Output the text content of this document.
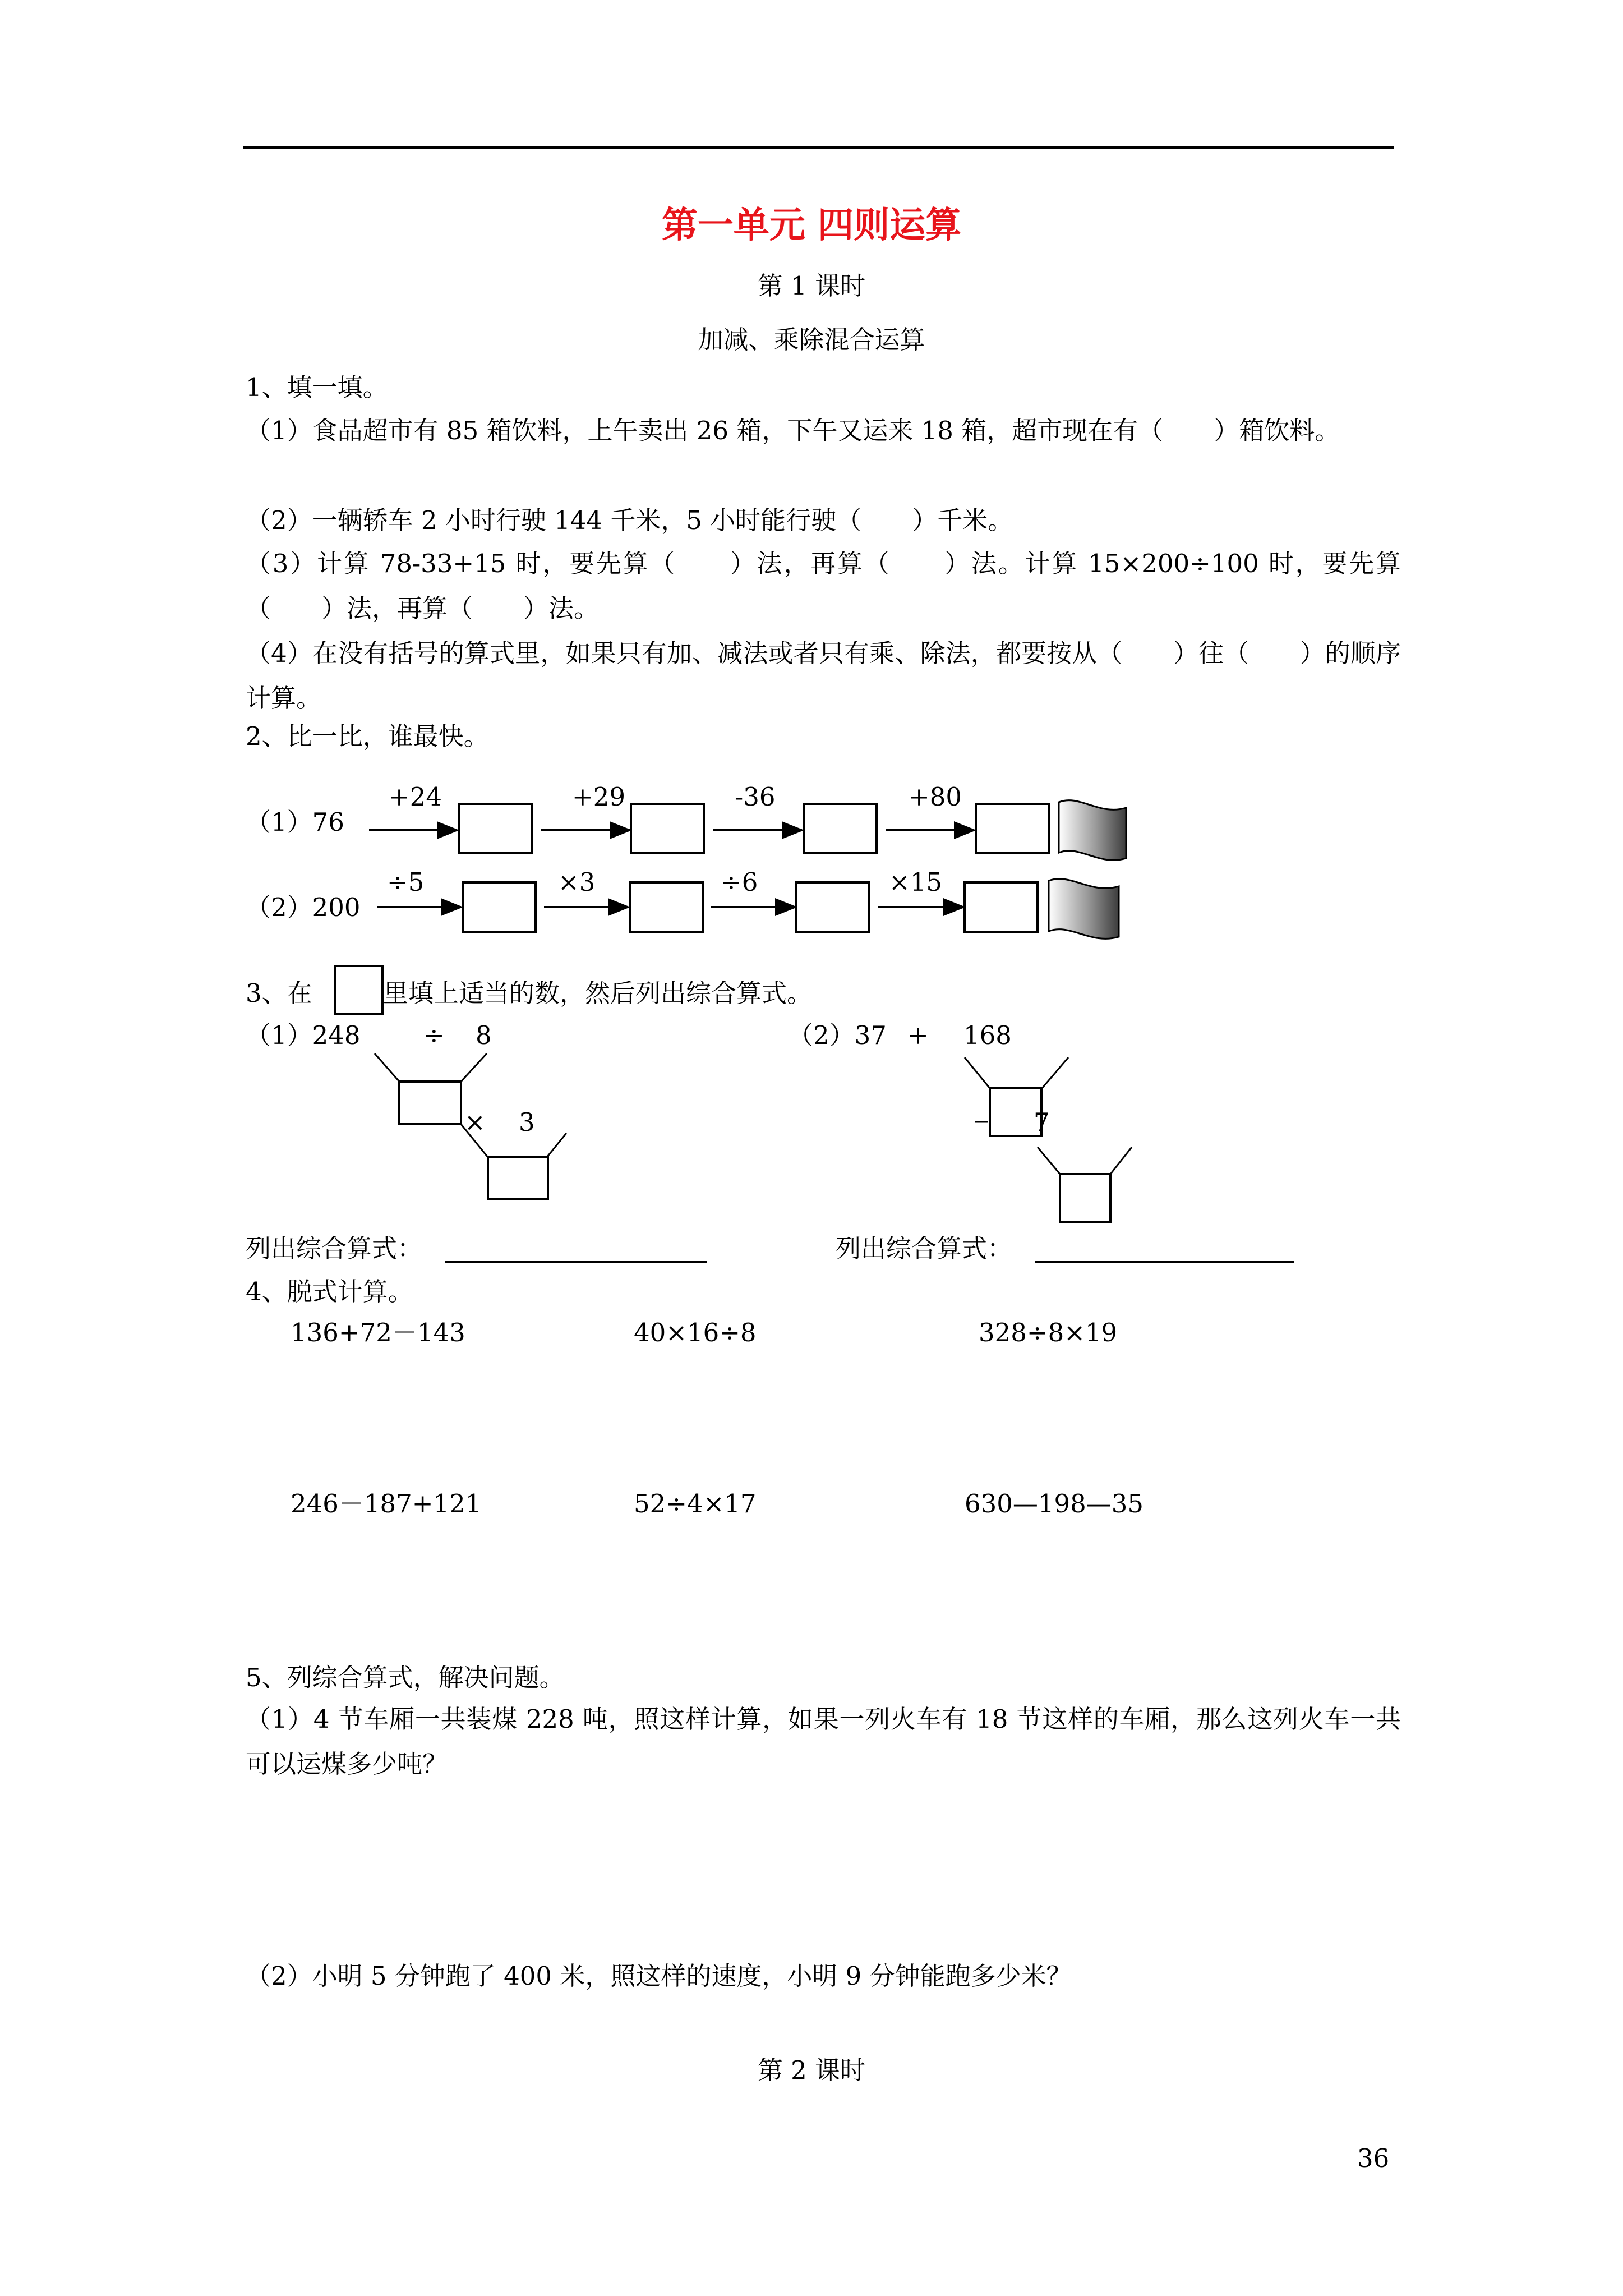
第一单元 四则运算
第 1 课时
加减、乘除混合运算
1、填一填。
（1）食品超市有 85 箱饮料，上午卖出 26 箱，下午又运来 18 箱，超市现在有（　　）箱饮料。
（2）一辆轿车 2 小时行驶 144 千米，5 小时能行驶（　　）千米。
（3）计算 78-33+15 时，要先算（　　）法，再算（　　）法。计算 15×200÷100 时，要先算（　　）法，再算（　　）法。
（4）在没有括号的算式里，如果只有加、减法或者只有乘、除法，都要按从（　　）往（　　）的顺序计算。
2、比一比，谁最快。
（1）76
+24	+29	-36	+80
（2）200
÷5	×3	÷6	×15
3、在	里填上适当的数，然后列出综合算式。
（1）248 ÷ 8
× 3
（2）37 + 168
7
列出综合算式：	列出综合算式：
4、脱式计算。
136+72－143	40×16÷8	328÷8×19
246－187+121	52÷4×17	630—198—35
5、列综合算式，解决问题。
（1）4 节车厢一共装煤 228 吨，照这样计算，如果一列火车有 18 节这样的车厢，那么这列火车一共可以运煤多少吨？
（2）小明 5 分钟跑了 400 米，照这样的速度，小明 9 分钟能跑多少米？
第 2 课时
36
